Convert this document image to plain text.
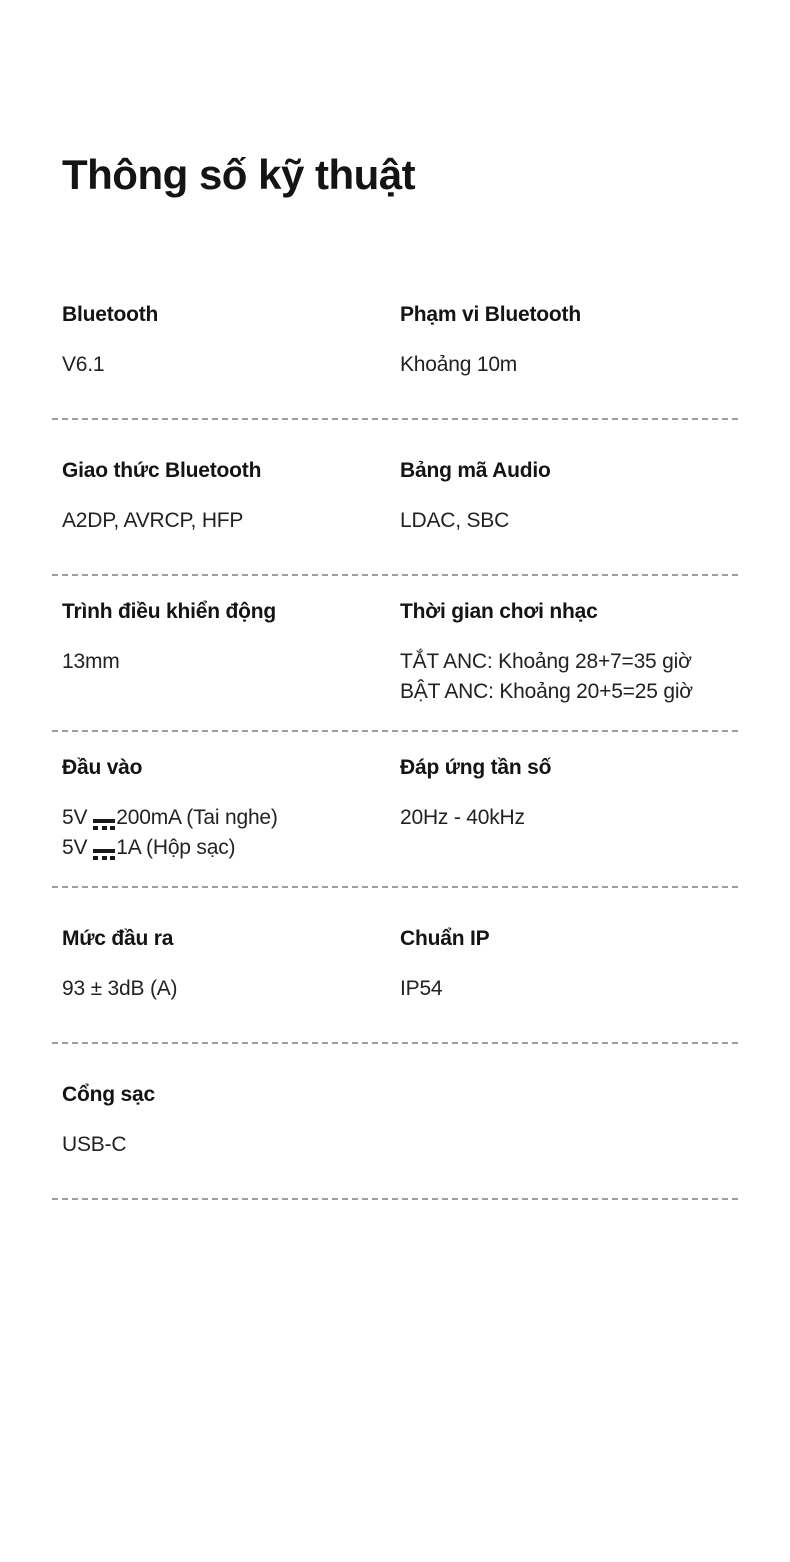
Thông số kỹ thuật
Bluetooth
V6.1
Phạm vi Bluetooth
Khoảng 10m
Giao thức Bluetooth
A2DP, AVRCP, HFP
Bảng mã Audio
LDAC, SBC
Trình điều khiển động
13mm
Thời gian chơi nhạc
TẮT ANC: Khoảng 28+7=35 giờ
BẬT ANC: Khoảng 20+5=25 giờ
Đầu vào
5V 200mA (Tai nghe)
5V 1A (Hộp sạc)
Đáp ứng tần số
20Hz - 40kHz
Mức đầu ra
93 ± 3dB (A)
Chuẩn IP
IP54
Cổng sạc
USB-C
